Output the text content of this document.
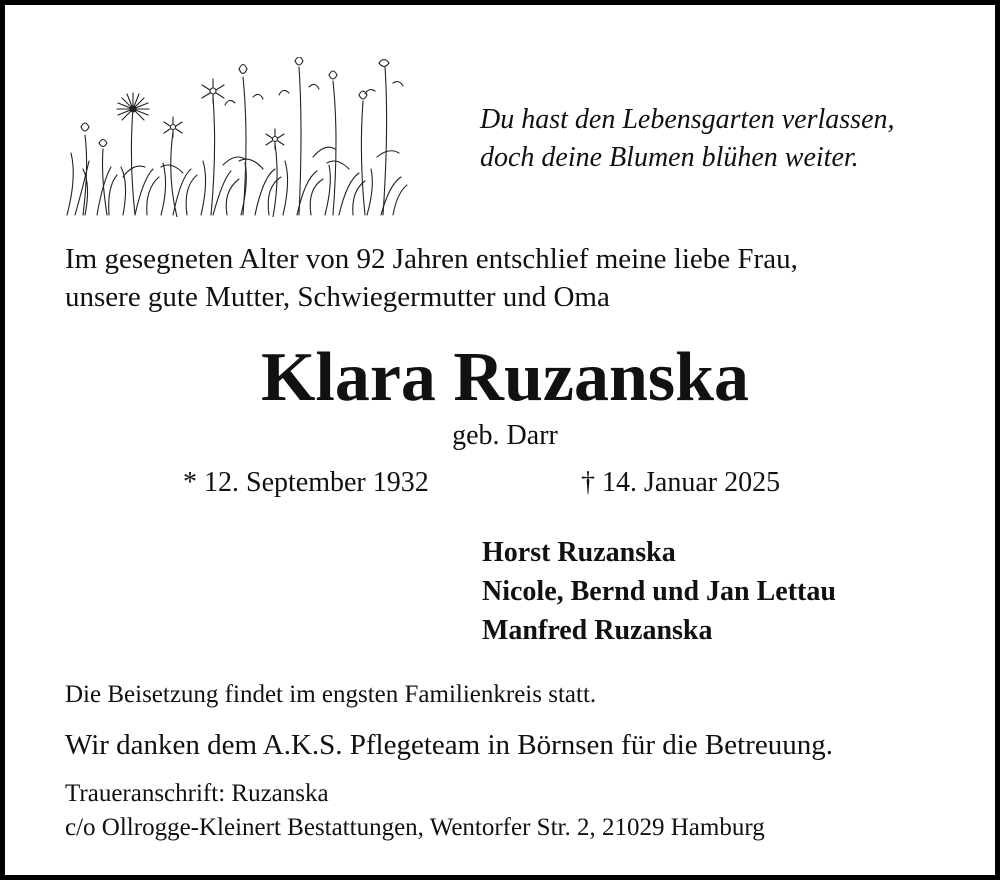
Du hast den Lebensgarten verlassen,
doch deine Blumen blühen weiter.
Im gesegneten Alter von 92 Jahren entschlief meine liebe Frau,
unsere gute Mutter, Schwiegermutter und Oma
Klara Ruzanska
geb. Darr
* 12. September 1932	† 14. Januar 2025
Horst Ruzanska
Nicole, Bernd und Jan Lettau
Manfred Ruzanska
Die Beisetzung findet im engsten Familienkreis statt.
Wir danken dem A.K.S. Pflegeteam in Börnsen für die Betreuung.
Traueranschrift: Ruzanska
c/o Ollrogge-Kleinert Bestattungen, Wentorfer Str. 2, 21029 Hamburg
